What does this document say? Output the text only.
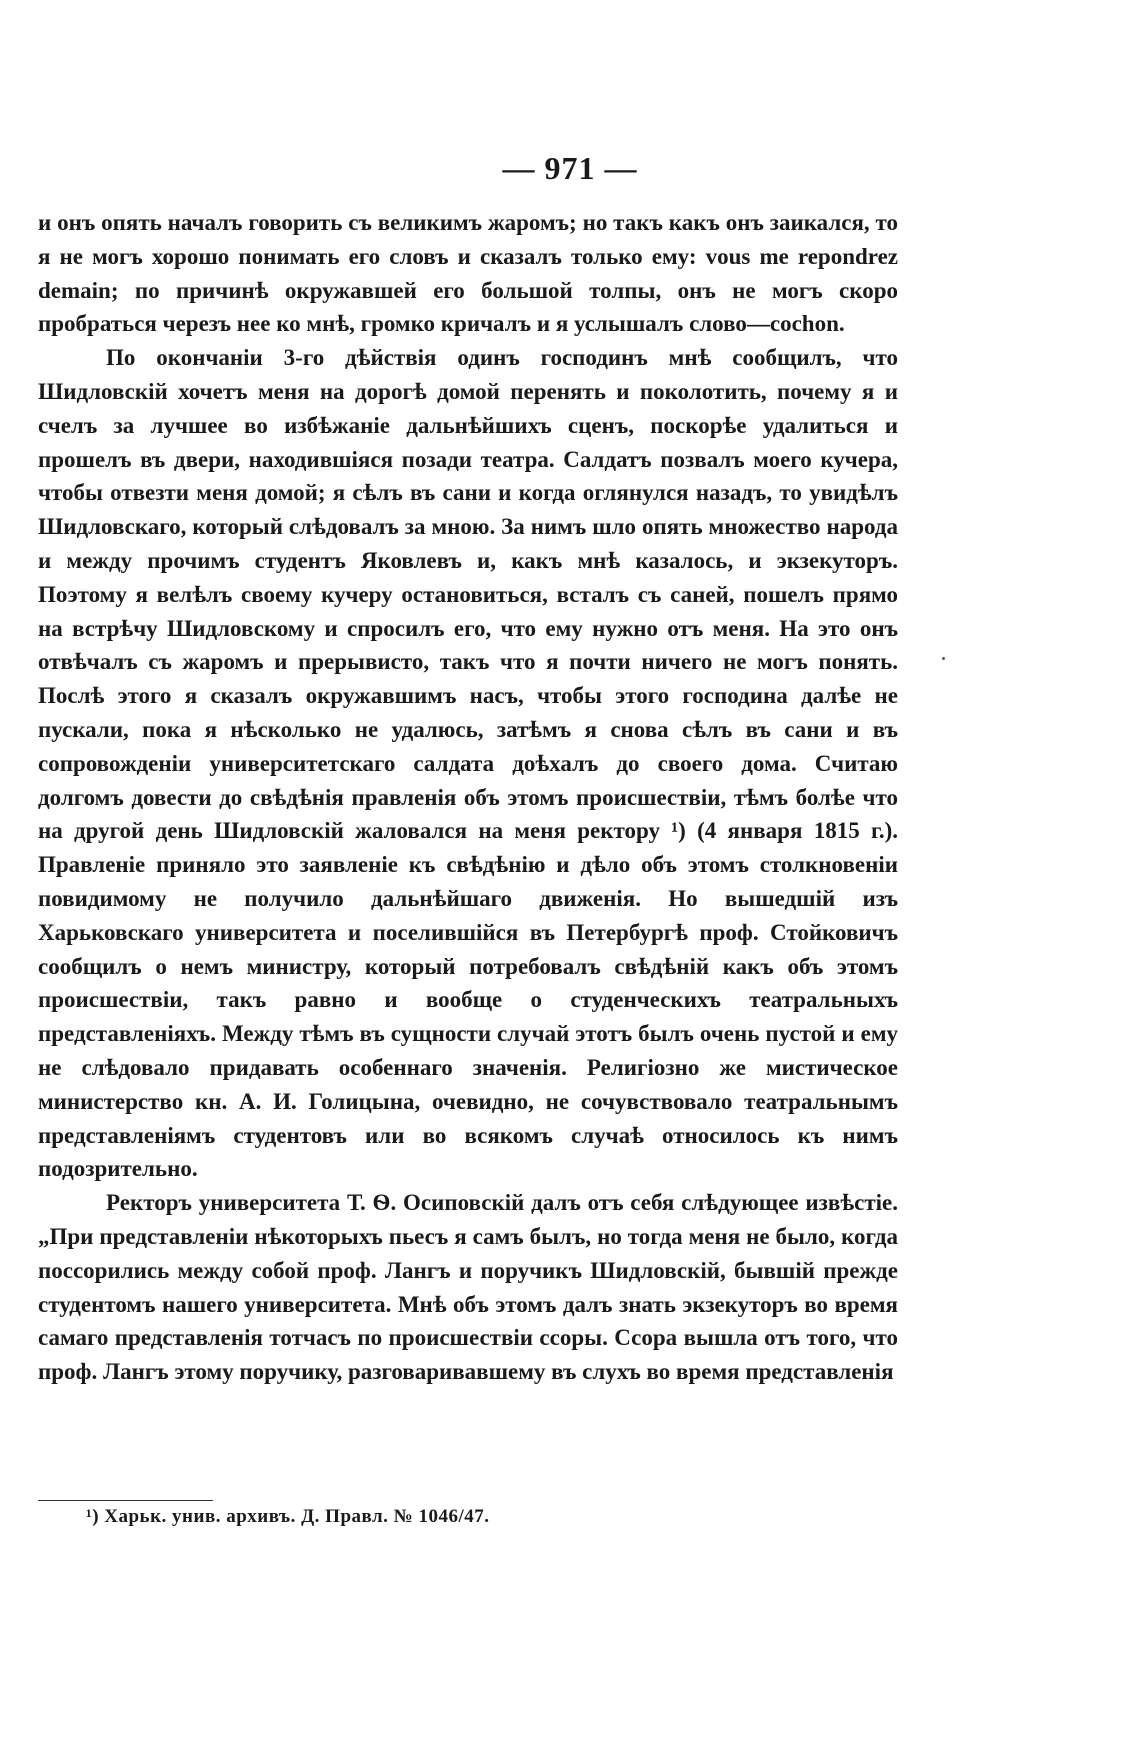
— 971 —

и онъ опять началъ говорить съ великимъ жаромъ; но такъ какъ онъ заикался, то я не могъ хорошо понимать его словъ и сказалъ только ему: vous me repondrez demain; по причинѣ окружавшей его большой толпы, онъ не могъ скоро пробраться черезъ нее ко мнѣ, громко кричалъ и я услышалъ слово—cochon.

По окончаніи 3-го дѣйствія одинъ господинъ мнѣ сообщилъ, что Шидловскій хочетъ меня на дорогѣ домой перенять и поколотить, почему я и счелъ за лучшее во избѣжаніе дальнѣйшихъ сценъ, поскорѣе удалиться и прошелъ въ двери, находившіяся позади театра. Салдатъ позвалъ моего кучера, чтобы отвезти меня домой; я сѣлъ въ сани и когда оглянулся назадъ, то увидѣлъ Шидловскаго, который слѣдовалъ за мною. За нимъ шло опять множество народа и между прочимъ студентъ Яковлевъ и, какъ мнѣ казалось, и экзекуторъ. Поэтому я велѣлъ своему кучеру остановиться, всталъ съ саней, пошелъ прямо на встрѣчу Шидловскому и спросилъ его, что ему нужно отъ меня. На это онъ отвѣчалъ съ жаромъ и прерывисто, такъ что я почти ничего не могъ понять. Послѣ этого я сказалъ окружавшимъ насъ, чтобы этого господина далѣе не пускали, пока я нѣсколько не удалюсь, затѣмъ я снова сѣлъ въ сани и въ сопровожденіи университетскаго салдата доѣхалъ до своего дома. Считаю долгомъ довести до свѣдѣнія правленія объ этомъ происшествіи, тѣмъ болѣе что на другой день Шидловскій жаловался на меня ректору ¹) (4 января 1815 г.). Правленіе приняло это заявленіе къ свѣдѣнію и дѣло объ этомъ столкновеніи повидимому не получило дальнѣйшаго движенія. Но вышедшій изъ Харьковскаго университета и поселившійся въ Петербургѣ проф. Стойковичъ сообщилъ о немъ министру, который потребовалъ свѣдѣній какъ объ этомъ происшествіи, такъ равно и вообще о студенческихъ театральныхъ представленіяхъ. Между тѣмъ въ сущности случай этотъ былъ очень пустой и ему не слѣдовало придавать особеннаго значенія. Религіозно же мистическое министерство кн. А. И. Голицына, очевидно, не сочувствовало театральнымъ представленіямъ студентовъ или во всякомъ случаѣ относилось къ нимъ подозрительно.

Ректоръ университета Т. Ѳ. Осиповскій далъ отъ себя слѣдующее извѣстіе. „При представленіи нѣкоторыхъ пьесъ я самъ былъ, но тогда меня не было, когда поссорились между собой проф. Лангъ и поручикъ Шидловскій, бывшій прежде студентомъ нашего университета. Мнѣ объ этомъ далъ знать экзекуторъ во время самаго представленія тотчасъ по происшествіи ссоры. Ссора вышла отъ того, что проф. Лангъ этому поручику, разговаривавшему въ слухъ во время представленія

¹) Харьк. унив. архивъ. Д. Правл. № 1046/47.
